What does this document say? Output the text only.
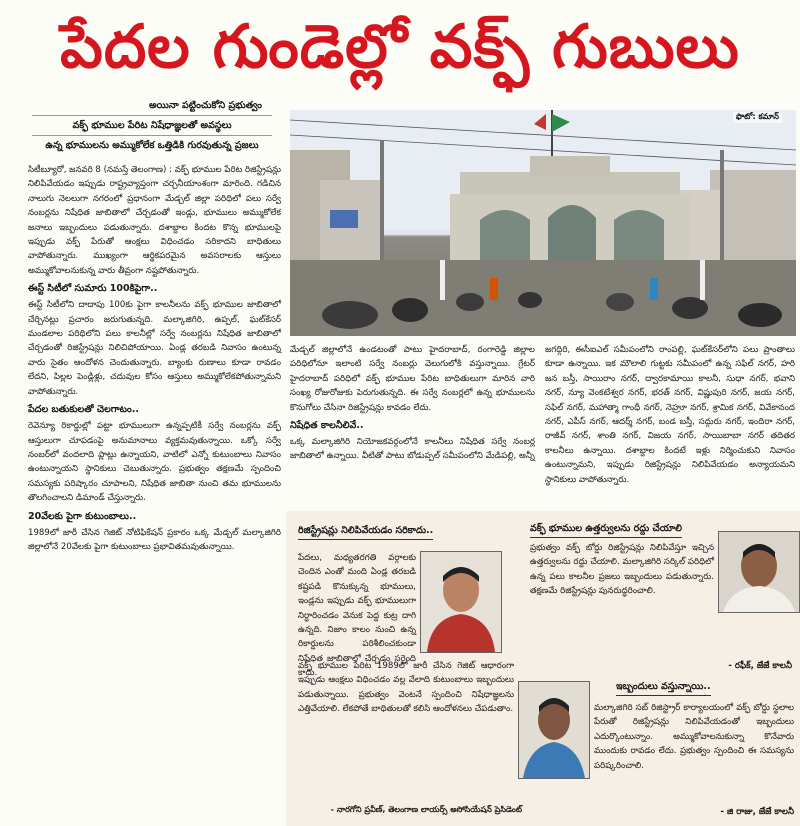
పేదల గుండెల్లో వక్ఫ్ గుబులు
అయినా పట్టించుకోని ప్రభుత్వం
వక్ఫ్ భూముల పేరిట నిషేధాజ్ఞలతో అవస్థలు
ఉన్న భూములను అమ్ముకోలేక ఒత్తిడికి గురవుతున్న ప్రజలు
ఫొటో: కమాన్

సిటీబ్యూరో, జనవరి 8 (నమస్తే తెలంగాణ) : వక్ఫ్ భూముల పేరిట రిజిస్ట్రేషన్లు నిలిపివేయడం ఇప్పుడు రాష్ట్రవ్యాప్తంగా చర్చనీయాంశంగా మారింది. గడిచిన నాలుగు నెలలుగా నగరంలో ప్రధానంగా మేడ్చల్ జిల్లా పరిధిలో పలు సర్వే నంబర్లను నిషేధిత జాబితాలో చేర్చడంతో ఇండ్లు, భూములు అమ్ముకోలేక జనాలు ఇబ్బందులు పడుతున్నారు. దశాబ్దాల కిందట కొన్న భూములపై ఇప్పుడు వక్ఫ్ పేరుతో ఆంక్షలు విధించడం సరికాదని బాధితులు వాపోతున్నారు. ముఖ్యంగా ఆర్థికపరమైన అవసరాలకు ఆస్తులు అమ్ముకోవాలనుకున్న వారు తీవ్రంగా నష్టపోతున్నారు.

ఈస్ట్ సిటీలో సుమారు 100కిపైగా..

ఈస్ట్ సిటీలోని దాదాపు 100కు పైగా కాలనీలను వక్ఫ్ భూముల జాబితాలో చేర్చినట్లు ప్రచారం జరుగుతున్నది. మల్కాజిగిరి, ఉప్పల్, ఘట్‌కేసర్ మండలాల పరిధిలోని పలు కాలనీల్లో సర్వే నంబర్లను నిషేధిత జాబితాలో చేర్చడంతో రిజిస్ట్రేషన్లు నిలిచిపోయాయి. ఏండ్ల తరబడి నివాసం ఉంటున్న వారు సైతం ఆందోళన చెందుతున్నారు. బ్యాంకు రుణాలు కూడా రావడం లేదని, పిల్లల పెండ్లిళ్లు, చదువుల కోసం ఆస్తులు అమ్ముకోలేకపోతున్నామని వాపోతున్నారు.

పేదల బతుకులతో చెలగాటం..

రెవెన్యూ రికార్డుల్లో పట్టా భూములుగా ఉన్నప్పటికీ సర్వే నంబర్లను వక్ఫ్ ఆస్తులుగా చూపడంపై అనుమానాలు వ్యక్తమవుతున్నాయి. ఒక్కో సర్వే నంబర్‌లో వందలాది ప్లాట్లు ఉన్నాయని, వాటిలో ఎన్నో కుటుంబాలు నివాసం ఉంటున్నాయని స్థానికులు చెబుతున్నారు. ప్రభుత్వం తక్షణమే స్పందించి సమస్యకు పరిష్కారం చూపాలని, నిషేధిత జాబితా నుంచి తమ భూములను తొలగించాలని డిమాండ్ చేస్తున్నారు.

20వేలకు పైగా కుటుంబాలు..

1989లో జారీ చేసిన గెజిట్ నోటిఫికేషన్ ప్రకారం ఒక్క మేడ్చల్ మల్కాజిగిరి జిల్లాలోనే 20వేలకు పైగా కుటుంబాలు ప్రభావితమవుతున్నాయి.

మేడ్చల్ జిల్లాలోనే ఉండటంతో పాటు హైదరాబాద్, రంగారెడ్డి జిల్లాల పరిధిలోనూ ఇలాంటి సర్వే నంబర్లు వెలుగులోకి వస్తున్నాయి. గ్రేటర్ హైదరాబాద్ పరిధిలో వక్ఫ్ భూముల పేరిట బాధితులుగా మారిన వారి సంఖ్య రోజురోజుకు పెరుగుతున్నది. ఈ సర్వే నంబర్లలో ఉన్న భూములను కొనుగోలు చేసినా రిజిస్ట్రేషన్లు కావడం లేదు.

నిషేధిత కాలనీలివే..

ఒక్క మల్కాజిగిరి నియోజకవర్గంలోనే కాలనీలు నిషేధిత సర్వే నంబర్ల జాబితాలో ఉన్నాయి. వీటితో పాటు బోడుప్పల్ సమీపంలోని మేడిపల్లి, అన్నీ

జగద్గిరి, ఈసీఐఎల్ సమీపంలోని రాంపల్లి, ఘట్‌కేసర్‌లోని పలు ప్రాంతాలు కూడా ఉన్నాయి. ఇక మౌలాలి గుట్టకు సమీపంలో ఉన్న సఫిల్ నగర్, హరి జన బస్తీ, సాయిరాం నగర్, ద్వారకామాయి కాలనీ, సుధా నగర్, భవాని నగర్, న్యూ వెంకటేశ్వర నగర్, భరత్ నగర్, విష్ణుపురి నగర్, జయ నగర్, సఫిల్ నగర్, మహాత్మా గాంధీ నగర్, నెహ్రూ నగర్, శ్రామిక నగర్, వివేకానంద నగర్, ఎపీస్ నగర్, ఆదర్శ్ నగర్, బండ బస్తీ, సద్గురు నగర్, ఇందిరా నగర్, రాజీవ్ నగర్, శాంతి నగర్, విజయ నగర్, సాయిబాబా నగర్ తదితర కాలనీలు ఉన్నాయి. దశాబ్దాల కిందటే ఇళ్లు నిర్మించుకుని నివాసం ఉంటున్నామని, ఇప్పుడు రిజిస్ట్రేషన్లు నిలిపివేయడం అన్యాయమని స్థానికులు వాపోతున్నారు.

రిజిస్ట్రేషన్లు నిలిపివేయడం సరికాదు..

పేదలు, మధ్యతరగతి వర్గాలకు చెందిన ఎంతో మంది ఏండ్ల తరబడి కష్టపడి కొనుక్కున్న భూములు, ఇండ్లను ఇప్పుడు వక్ఫ్ భూములుగా నిర్ధారించడం వెనుక పెద్ద కుట్ర దాగి ఉన్నది. నిజాం కాలం నుంచి ఉన్న రికార్డులను పరిశీలించకుండా నిషేధిత జాబితాలో చేర్చడం సరైంది కాదు.

వక్ఫ్ భూముల పేరిట 1989లో జారీ చేసిన గెజిట్ ఆధారంగా ఇప్పుడు ఆంక్షలు విధించడం వల్ల వేలాది కుటుంబాలు ఇబ్బందులు పడుతున్నాయి. ప్రభుత్వం వెంటనే స్పందించి నిషేధాజ్ఞలను ఎత్తివేయాలి. లేకపోతే బాధితులతో కలిసి ఆందోళనలు చేపడుతాం.

- నారగోని ప్రవీణ్, తెలంగాణ లాయర్స్ అసోసియేషన్ ప్రెసిడెంట్
వక్ఫ్ భూముల ఉత్తర్వులను రద్దు చేయాలి

ప్రభుత్వం వక్ఫ్ బోర్డు రిజిస్ట్రేషన్లు నిలిపివేస్తూ ఇచ్చిన ఉత్తర్వులను రద్దు చేయాలి. మల్కాజిగిరి సర్కిల్ పరిధిలో ఉన్న పలు కాలనీల ప్రజలు ఇబ్బందులు పడుతున్నారు. తక్షణమే రిజిస్ట్రేషన్లు పునరుద్ధరించాలి.

- రఫీక్, జేజే కాలనీ
ఇబ్బందులు వస్తున్నాయి..

మల్కాజిగిరి సబ్ రిజిస్ట్రార్ కార్యాలయంలో వక్ఫ్ బోర్డు స్థలాల పేరుతో రిజిస్ట్రేషన్లు నిలిపివేయడంతో ఇబ్బందులు ఎదుర్కొంటున్నాం. అమ్ముకోవాలనుకున్నా కొనేవారు ముందుకు రావడం లేదు. ప్రభుత్వం స్పందించి ఈ సమస్యను పరిష్కరించాలి.

- జి రాజు, జేజే కాలనీ
